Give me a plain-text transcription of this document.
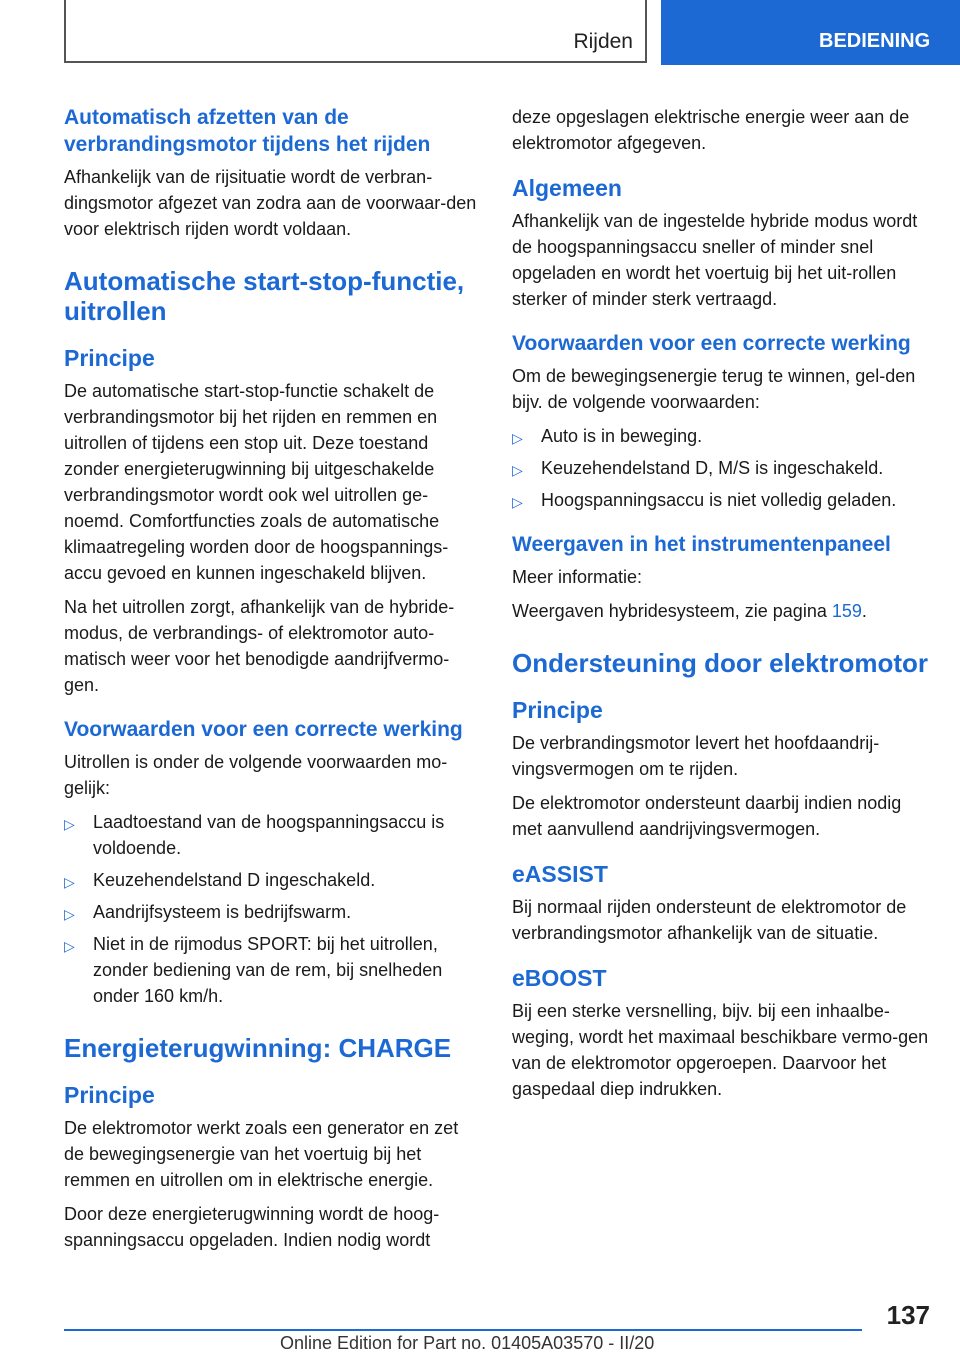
Rijden	BEDIENING
Automatisch afzetten van de verbrandingsmotor tijdens het rijden

Afhankelijk van de rijsituatie wordt de verbran-dingsmotor afgezet van zodra aan de voorwaar-den voor elektrisch rijden wordt voldaan.

Automatische start-stop-functie, uitrollen
Principe

De automatische start-stop-functie schakelt de verbrandingsmotor bij het rijden en remmen en uitrollen of tijdens een stop uit. Deze toestand zonder energieterugwinning bij uitgeschakelde verbrandingsmotor wordt ook wel uitrollen ge-noemd. Comfortfuncties zoals de automatische klimaatregeling worden door de hoogspannings-accu gevoed en kunnen ingeschakeld blijven.

Na het uitrollen zorgt, afhankelijk van de hybride-modus, de verbrandings- of elektromotor auto-matisch weer voor het benodigde aandrijfvermo-gen.

Voorwaarden voor een correcte werking

Uitrollen is onder de volgende voorwaarden mo-gelijk:

▷ Laadtoestand van de hoogspanningsaccu is voldoende.
▷ Keuzehendelstand D ingeschakeld.
▷ Aandrijfsysteem is bedrijfswarm.
▷ Niet in de rijmodus SPORT: bij het uitrollen, zonder bediening van de rem, bij snelheden onder 160 km/h.
Energieterugwinning: CHARGE
Principe

De elektromotor werkt zoals een generator en zet de bewegingsenergie van het voertuig bij het remmen en uitrollen om in elektrische energie.

Door deze energieterugwinning wordt de hoog-spanningsaccu opgeladen. Indien nodig wordt

deze opgeslagen elektrische energie weer aan de elektromotor afgegeven.

Algemeen

Afhankelijk van de ingestelde hybride modus wordt de hoogspanningsaccu sneller of minder snel opgeladen en wordt het voertuig bij het uit-rollen sterker of minder sterk vertraagd.

Voorwaarden voor een correcte werking

Om de bewegingsenergie terug te winnen, gel-den bijv. de volgende voorwaarden:

▷ Auto is in beweging.
▷ Keuzehendelstand D, M/S is ingeschakeld.
▷ Hoogspanningsaccu is niet volledig geladen.
Weergaven in het instrumentenpaneel

Meer informatie:

Weergaven hybridesysteem, zie pagina 159.

Ondersteuning door elektromotor
Principe

De verbrandingsmotor levert het hoofdaandrij-vingsvermogen om te rijden.

De elektromotor ondersteunt daarbij indien nodig met aanvullend aandrijvingsvermogen.

eASSIST

Bij normaal rijden ondersteunt de elektromotor de verbrandingsmotor afhankelijk van de situatie.

eBOOST

Bij een sterke versnelling, bijv. bij een inhaalbe-weging, wordt het maximaal beschikbare vermo-gen van de elektromotor opgeroepen. Daarvoor het gaspedaal diep indrukken.

137
Online Edition for Part no. 01405A03570 - II/20
